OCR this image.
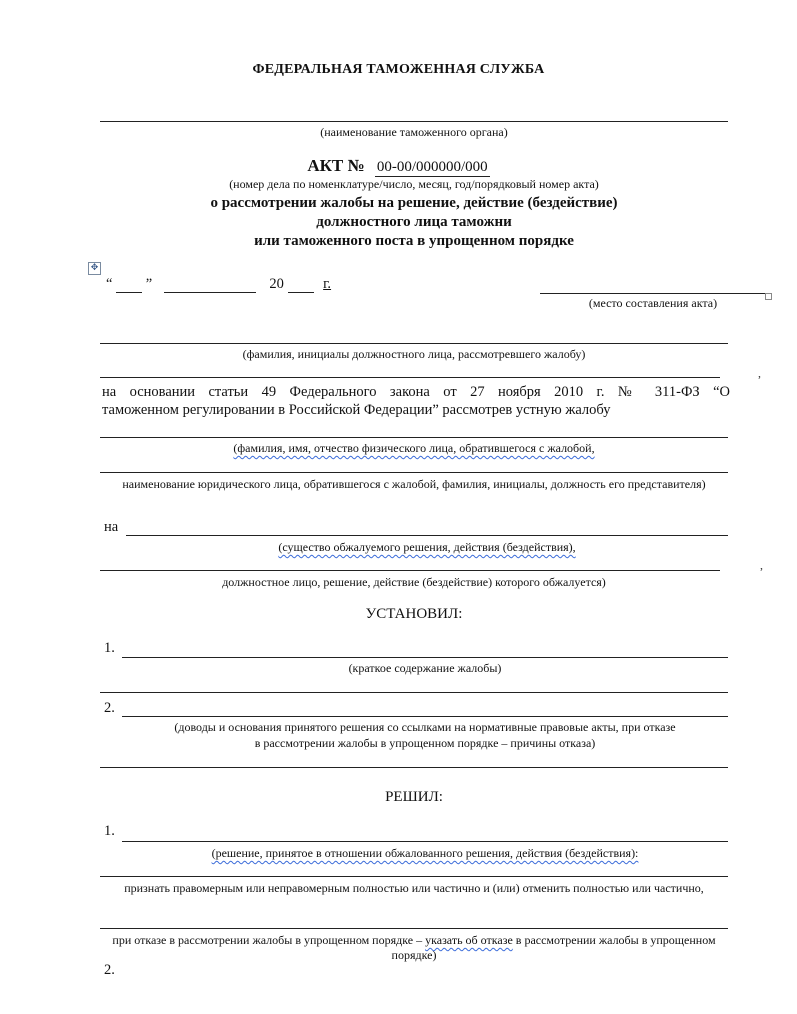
ФЕДЕРАЛЬНАЯ ТАМОЖЕННАЯ СЛУЖБА
(наименование таможенного органа)
АКТ № 00-00/000000/000
(номер дела по номенклатуре/число, месяц, год/порядковый номер акта)
о рассмотрении жалобы на решение, действие (бездействие)
должностного лица таможни
или таможенного поста в упрощенном порядке
✥
“ ”	20	г.
(место составления акта)
(фамилия, инициалы должностного лица, рассмотревшего жалобу)
,
на основании статьи 49 Федерального закона от 27 ноября 2010 г. № 311-ФЗ “О
таможенном регулировании в Российской Федерации” рассмотрев устную жалобу
(фамилия, имя, отчество физического лица, обратившегося с жалобой,
наименование юридического лица, обратившегося с жалобой, фамилия, инициалы, должность его представителя)
на
(существо обжалуемого решения, действия (бездействия),
,
должностное лицо, решение, действие (бездействие) которого обжалуется)
УСТАНОВИЛ:
1.
(краткое содержание жалобы)
2.
(доводы и основания принятого решения со ссылками на нормативные правовые акты, при отказе
в рассмотрении жалобы в упрощенном порядке – причины отказа)
РЕШИЛ:
1.
(решение, принятое в отношении обжалованного решения, действия (бездействия):
признать правомерным или неправомерным полностью или частично и (или) отменить полностью или частично,
при отказе в рассмотрении жалобы в упрощенном порядке – указать об отказе в рассмотрении жалобы в упрощенном порядке)
2.
